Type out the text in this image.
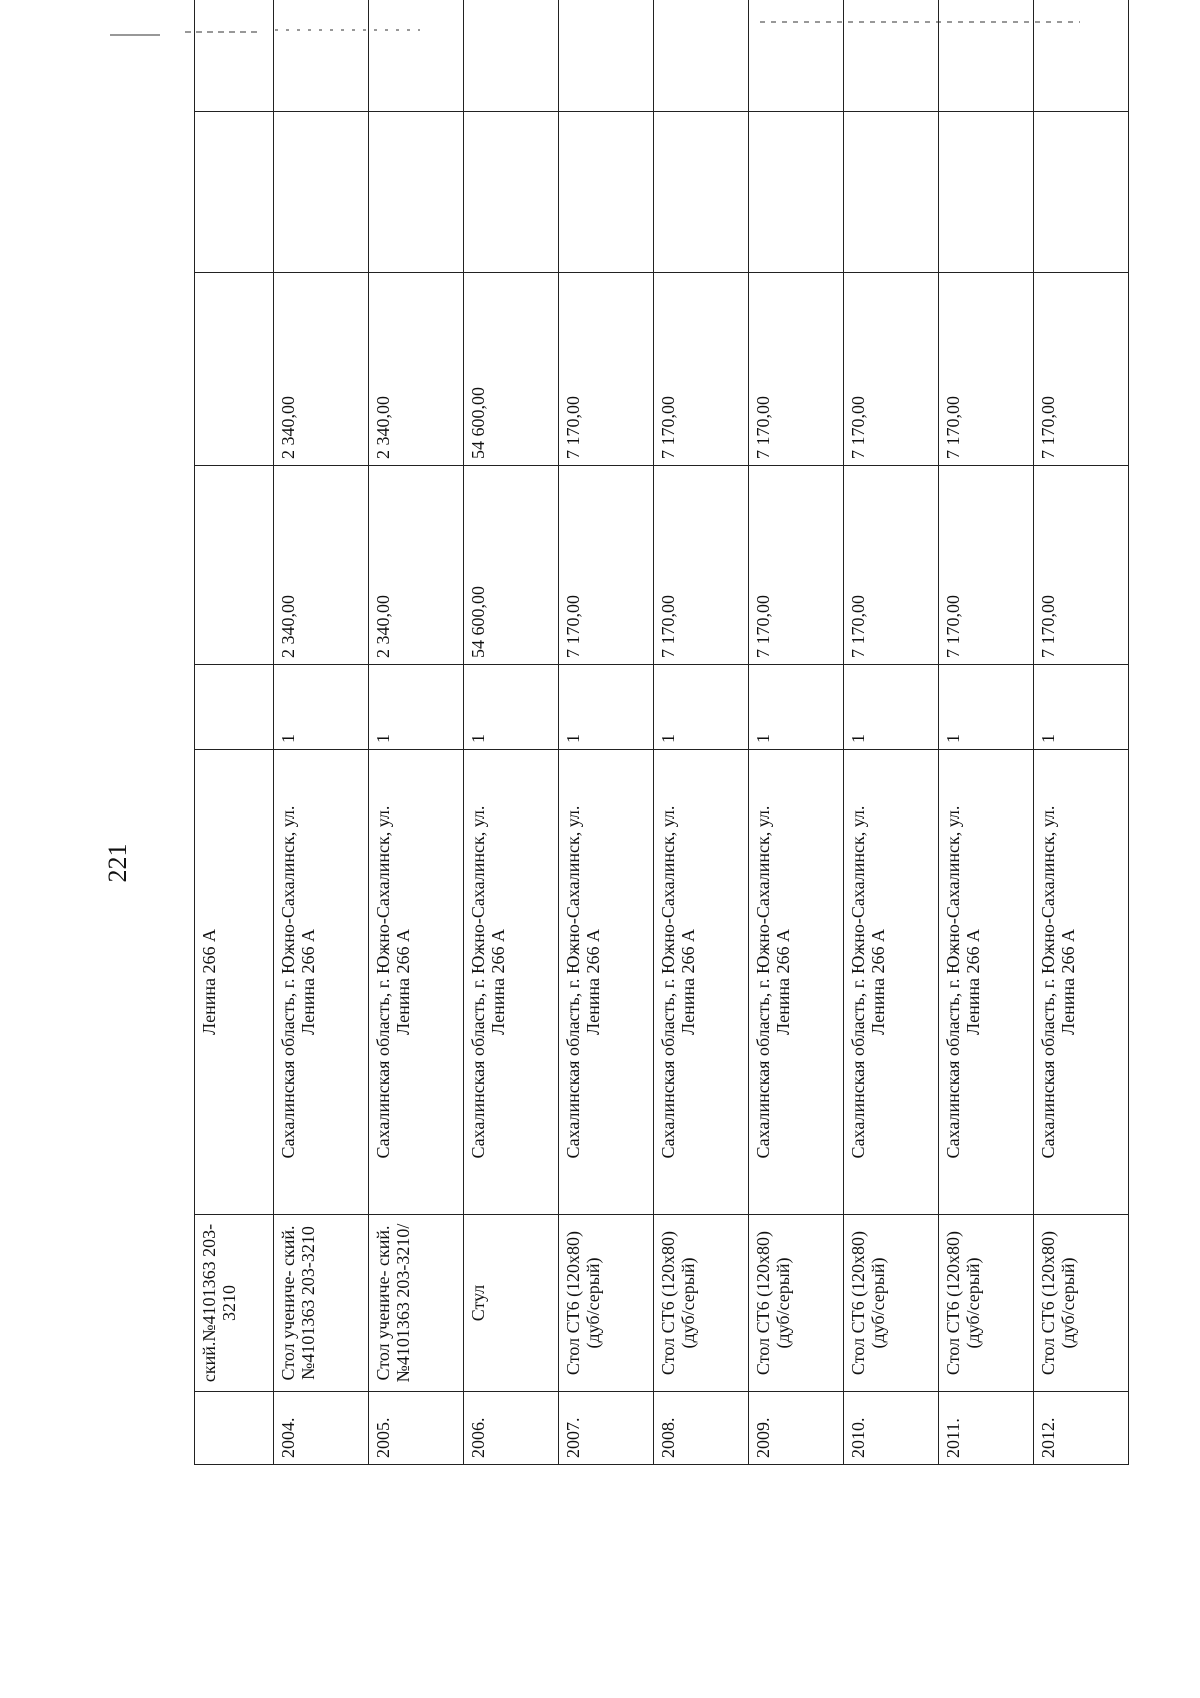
221
	ский.№4101363 203-3210	Ленина 266 А					
2004.	Стол учениче- ский.№4101363 203-3210	Сахалинская область, г. Южно-Сахалинск, ул. Ленина 266 А	1	2 340,00	2 340,00		
2005.	Стол учениче- ский.№4101363 203-3210/	Сахалинская область, г. Южно-Сахалинск, ул. Ленина 266 А	1	2 340,00	2 340,00		
2006.	Стул	Сахалинская область, г. Южно-Сахалинск, ул. Ленина 266 А	1	54 600,00	54 600,00		
2007.	Стол СТ6 (120х80) (дуб/серый)	Сахалинская область, г. Южно-Сахалинск, ул. Ленина 266 А	1	7 170,00	7 170,00		
2008.	Стол СТ6 (120х80) (дуб/серый)	Сахалинская область, г. Южно-Сахалинск, ул. Ленина 266 А	1	7 170,00	7 170,00		
2009.	Стол СТ6 (120х80) (дуб/серый)	Сахалинская область, г. Южно-Сахалинск, ул. Ленина 266 А	1	7 170,00	7 170,00		
2010.	Стол СТ6 (120х80) (дуб/серый)	Сахалинская область, г. Южно-Сахалинск, ул. Ленина 266 А	1	7 170,00	7 170,00		
2011.	Стол СТ6 (120х80) (дуб/серый)	Сахалинская область, г. Южно-Сахалинск, ул. Ленина 266 А	1	7 170,00	7 170,00		
2012.	Стол СТ6 (120х80) (дуб/серый)	Сахалинская область, г. Южно-Сахалинск, ул. Ленина 266 А	1	7 170,00	7 170,00		
